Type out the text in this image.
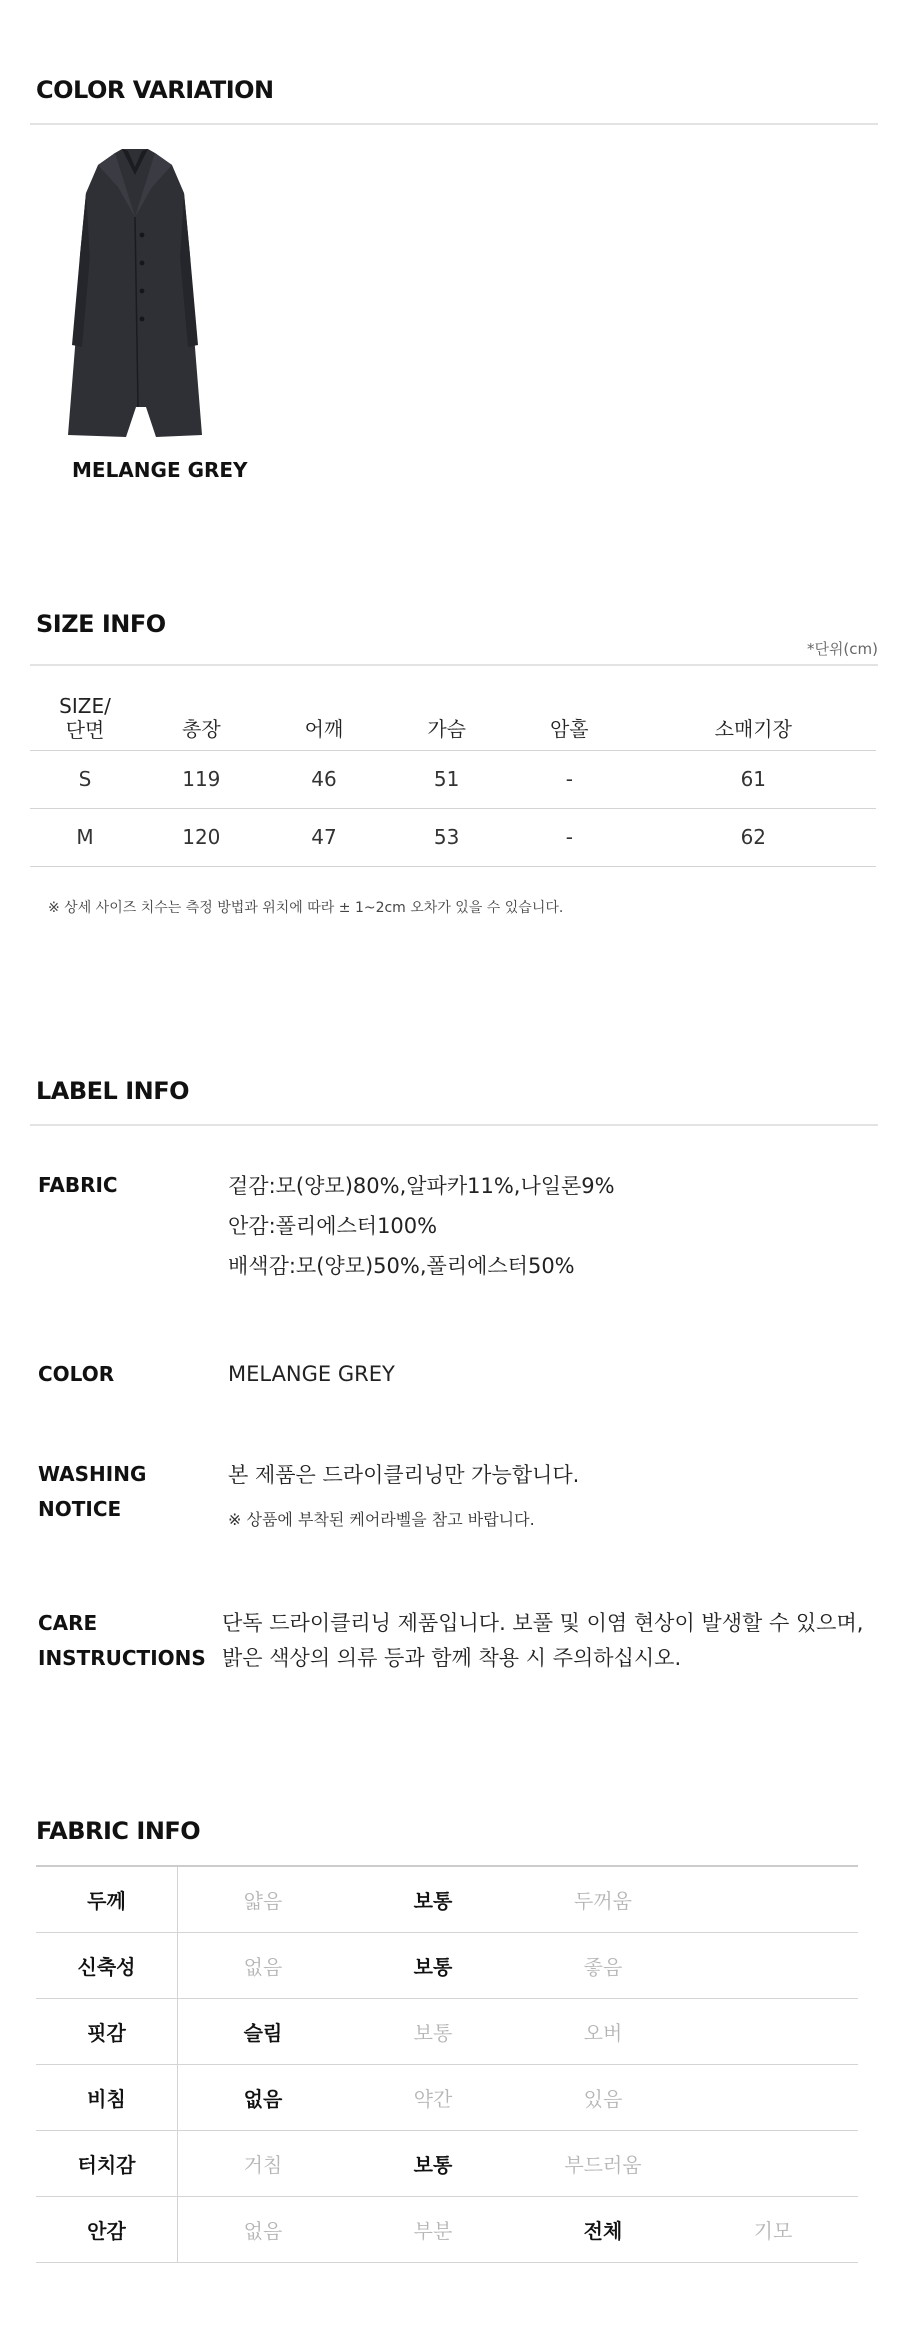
COLOR VARIATION
MELANGE GREY
SIZE INFO
*단위(cm)
SIZE/
단면	총장	어깨	가슴	암홀	소매기장
S	119	46	51	-	61
M	120	47	53	-	62
※ 상세 사이즈 치수는 측정 방법과 위치에 따라 ± 1~2cm 오차가 있을 수 있습니다.
LABEL INFO
FABRIC	겉감:모(양모)80%,알파카11%,나일론9%
안감:폴리에스터100%
배색감:모(양모)50%,폴리에스터50%
COLOR	MELANGE GREY
WASHING
NOTICE
본 제품은 드라이클리닝만 가능합니다.
※ 상품에 부착된 케어라벨을 참고 바랍니다.
CARE
INSTRUCTIONS
단독 드라이클리닝 제품입니다. 보풀 및 이염 현상이 발생할 수 있으며,
밝은 색상의 의류 등과 함께 착용 시 주의하십시오.
FABRIC INFO
두께	얇음	보통	두꺼움	
신축성	없음	보통	좋음	
핏감	슬림	보통	오버	
비침	없음	약간	있음	
터치감	거침	보통	부드러움	
안감	없음	부분	전체	기모
